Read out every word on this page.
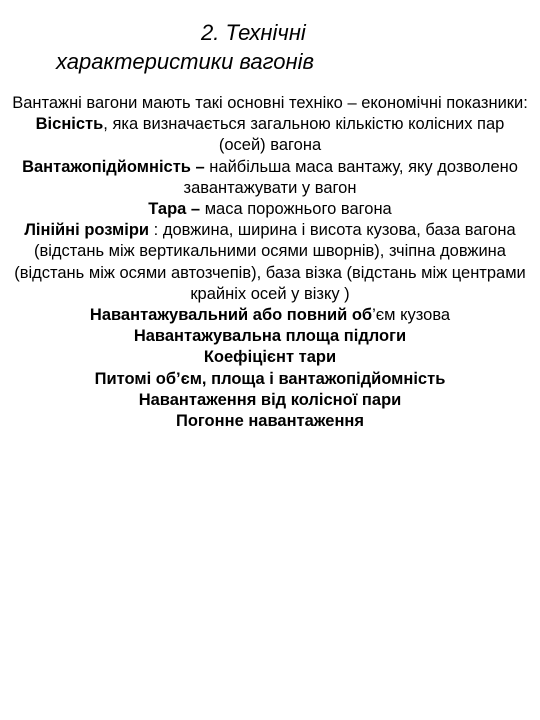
2. Технічні
характеристики вагонів

Вантажні вагони мають такі основні техніко – економічні показники:

Вісність, яка визначається загальною кількістю колісних пар (осей) вагона

Вантажопідйомність – найбільша маса вантажу, яку дозволено завантажувати у вагон

Тара – маса порожнього вагона

Лінійні розміри : довжина, ширина і висота кузова, база вагона (відстань між вертикальними осями шворнів), зчіпна довжина (відстань між осями автозчепів), база візка (відстань між центрами крайніх осей у візку )

Навантажувальний або повний об’єм кузова

Навантажувальна площа підлоги

Коефіцієнт тари

Питомі об’єм, площа і вантажопідйомність

Навантаження від колісної пари

Погонне навантаження
